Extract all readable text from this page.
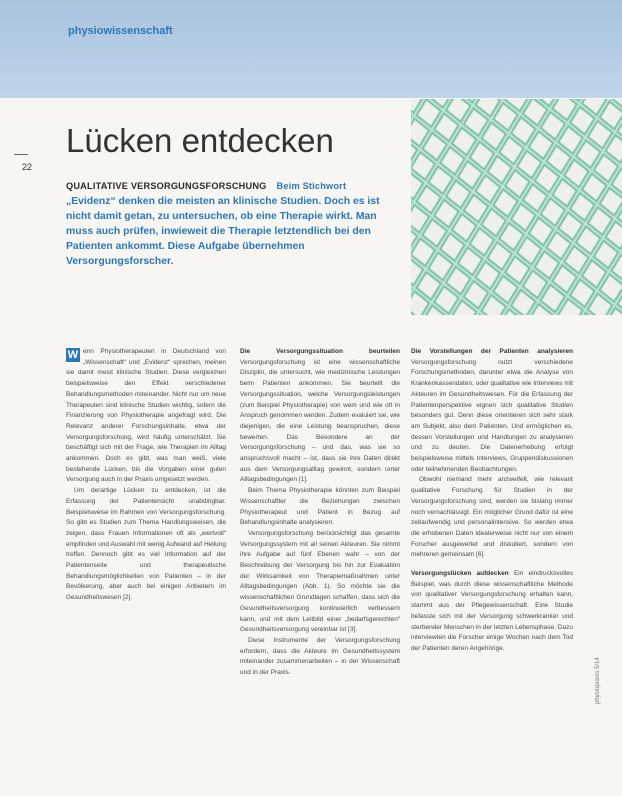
physiowissenschaft
22
Lücken entdecken
QUALITATIVE VERSORGUNGSFORSCHUNG Beim Stichwort
„Evidenz“ denken die meisten an klinische Studien. Doch es ist nicht damit getan, zu untersuchen, ob eine Therapie wirkt. Man muss auch prüfen, inwieweit die Therapie letztendlich bei den Patienten ankommt. Diese Aufgabe übernehmen Versorgungsforscher.

W enn Physiotherapeuten in Deutschland von „Wissenschaft“ und „Evidenz“ sprechen, meinen sie damit meist klinische Studien. Diese vergleichen beispielsweise den Effekt verschiedener Behandlungsmethoden miteinander. Nicht nur um neue Therapeuten sind klinische Studien wichtig, sofern die Finanzierung von Physiotherapie angefragt wird. Die Relevanz anderer Forschungsinhalte, etwa der Versorgungsforschung, wird häufig unterschätzt. Sie beschäftigt sich mit der Frage, wie Therapien im Alltag ankommen. Doch es gibt, was man weiß, viele bestehende Lücken, bis die Vorgaben einer guten Versorgung auch in der Praxis umgesetzt werden.

Um derartige Lücken zu entdecken, ist die Erfassung der Patientensicht unabdingbar. Beispielsweise im Rahmen von Versorgungsforschung. So gibt es Studien zum Thema Handlungsweisen, die zeigen, dass Frauen Informationen oft als „wertvoll“ empfinden und Auswahl mit wenig Aufwand auf Heilung treffen. Dennoch gibt es viel Information auf der Patientenseite und therapeutische Behandlungsmöglichkeiten von Patienten – in der Bevölkerung, aber auch bei einigen Anbietern im Gesundheitswesen [2].

Die Versorgungssituation beurteilen Versorgungsforschung ist eine wissenschaftliche Disziplin, die untersucht, wie medizinische Leistungen beim Patienten ankommen. Sie beurteilt die Versorgungssituation, welche Versorgungsleistungen (zum Beispiel Physiotherapie) von wem und wie oft in Anspruch genommen werden. Zudem evaluiert sie, wie diejenigen, die eine Leistung beanspruchen, diese bewerten. Das Besondere an der Versorgungsforschung – und das, was sie so anspruchsvoll macht – ist, dass sie ihre Daten direkt aus dem Versorgungsalltag gewinnt, sondern unter Alltagsbedingungen [1].

Beim Thema Physiotherapie könnten zum Beispiel Wissenschaftler die Beziehungen zwischen Physiotherapeut und Patient in Bezug auf Behandlungsinhalte analysieren.

Versorgungsforschung berücksichtigt das gesamte Versorgungssystem mit all seinen Akteuren. Sie nimmt ihre Aufgabe auf fünf Ebenen wahr – von der Beschreibung der Versorgung bis hin zur Evaluation der Wirksamkeit von Therapiemaßnahmen unter Alltagsbedingungen (Abb. 1). So möchte sie die wissenschaftlichen Grundlagen schaffen, dass sich die Gesundheitsversorgung kontinuierlich verbessern kann, und mit dem Leitbild einer „bedarfsgerechten“ Gesundheitsversorgung vereinbar ist [3].

Diese Instrumente der Versorgungsforschung erfordern, dass die Akteure im Gesundheitssystem miteinander zusammenarbeiten – in der Wissenschaft und in der Praxis.

Die Vorstellungen der Patienten analysieren Versorgungsforschung nutzt verschiedene Forschungsmethoden, darunter etwa die Analyse von Krankenkassendaten, oder qualitative wie Interviews mit Akteuren im Gesundheitswesen. Für die Erfassung der Patientenperspektive eignen sich qualitative Studien besonders gut. Denn diese orientieren sich sehr stark am Subjekt, also dem Patienten. Und ermöglichen es, dessen Vorstellungen und Handlungen zu analysieren und zu deuten. Die Datenerhebung erfolgt beispielsweise mittels Interviews, Gruppendiskussionen oder teilnehmenden Beobachtungen.

Obwohl niemand mehr anzweifelt, wie relevant qualitative Forschung für Studien in der Versorgungsforschung sind, werden sie bislang immer noch vernachlässigt. Ein möglicher Grund dafür ist eine zeitaufwendig und personalintensive. So werden etwa die erhobenen Daten idealerweise nicht nur von einem Forscher ausgewertet und diskutiert, sondern von mehreren gemeinsam [6].

Versorgungslücken aufdecken Ein eindrucksvolles Beispiel, was durch diese wissenschaftliche Methode von qualitativer Versorgungsforschung erhalten kann, stammt aus der Pflegewissenschaft. Eine Studie befasste sich mit der Versorgung schwerkranker und sterbender Menschen in der letzten Lebensphase. Dazu interviewten die Forscher einige Wochen nach dem Tod der Patienten deren Angehörige.

physiopraxis 5/14
